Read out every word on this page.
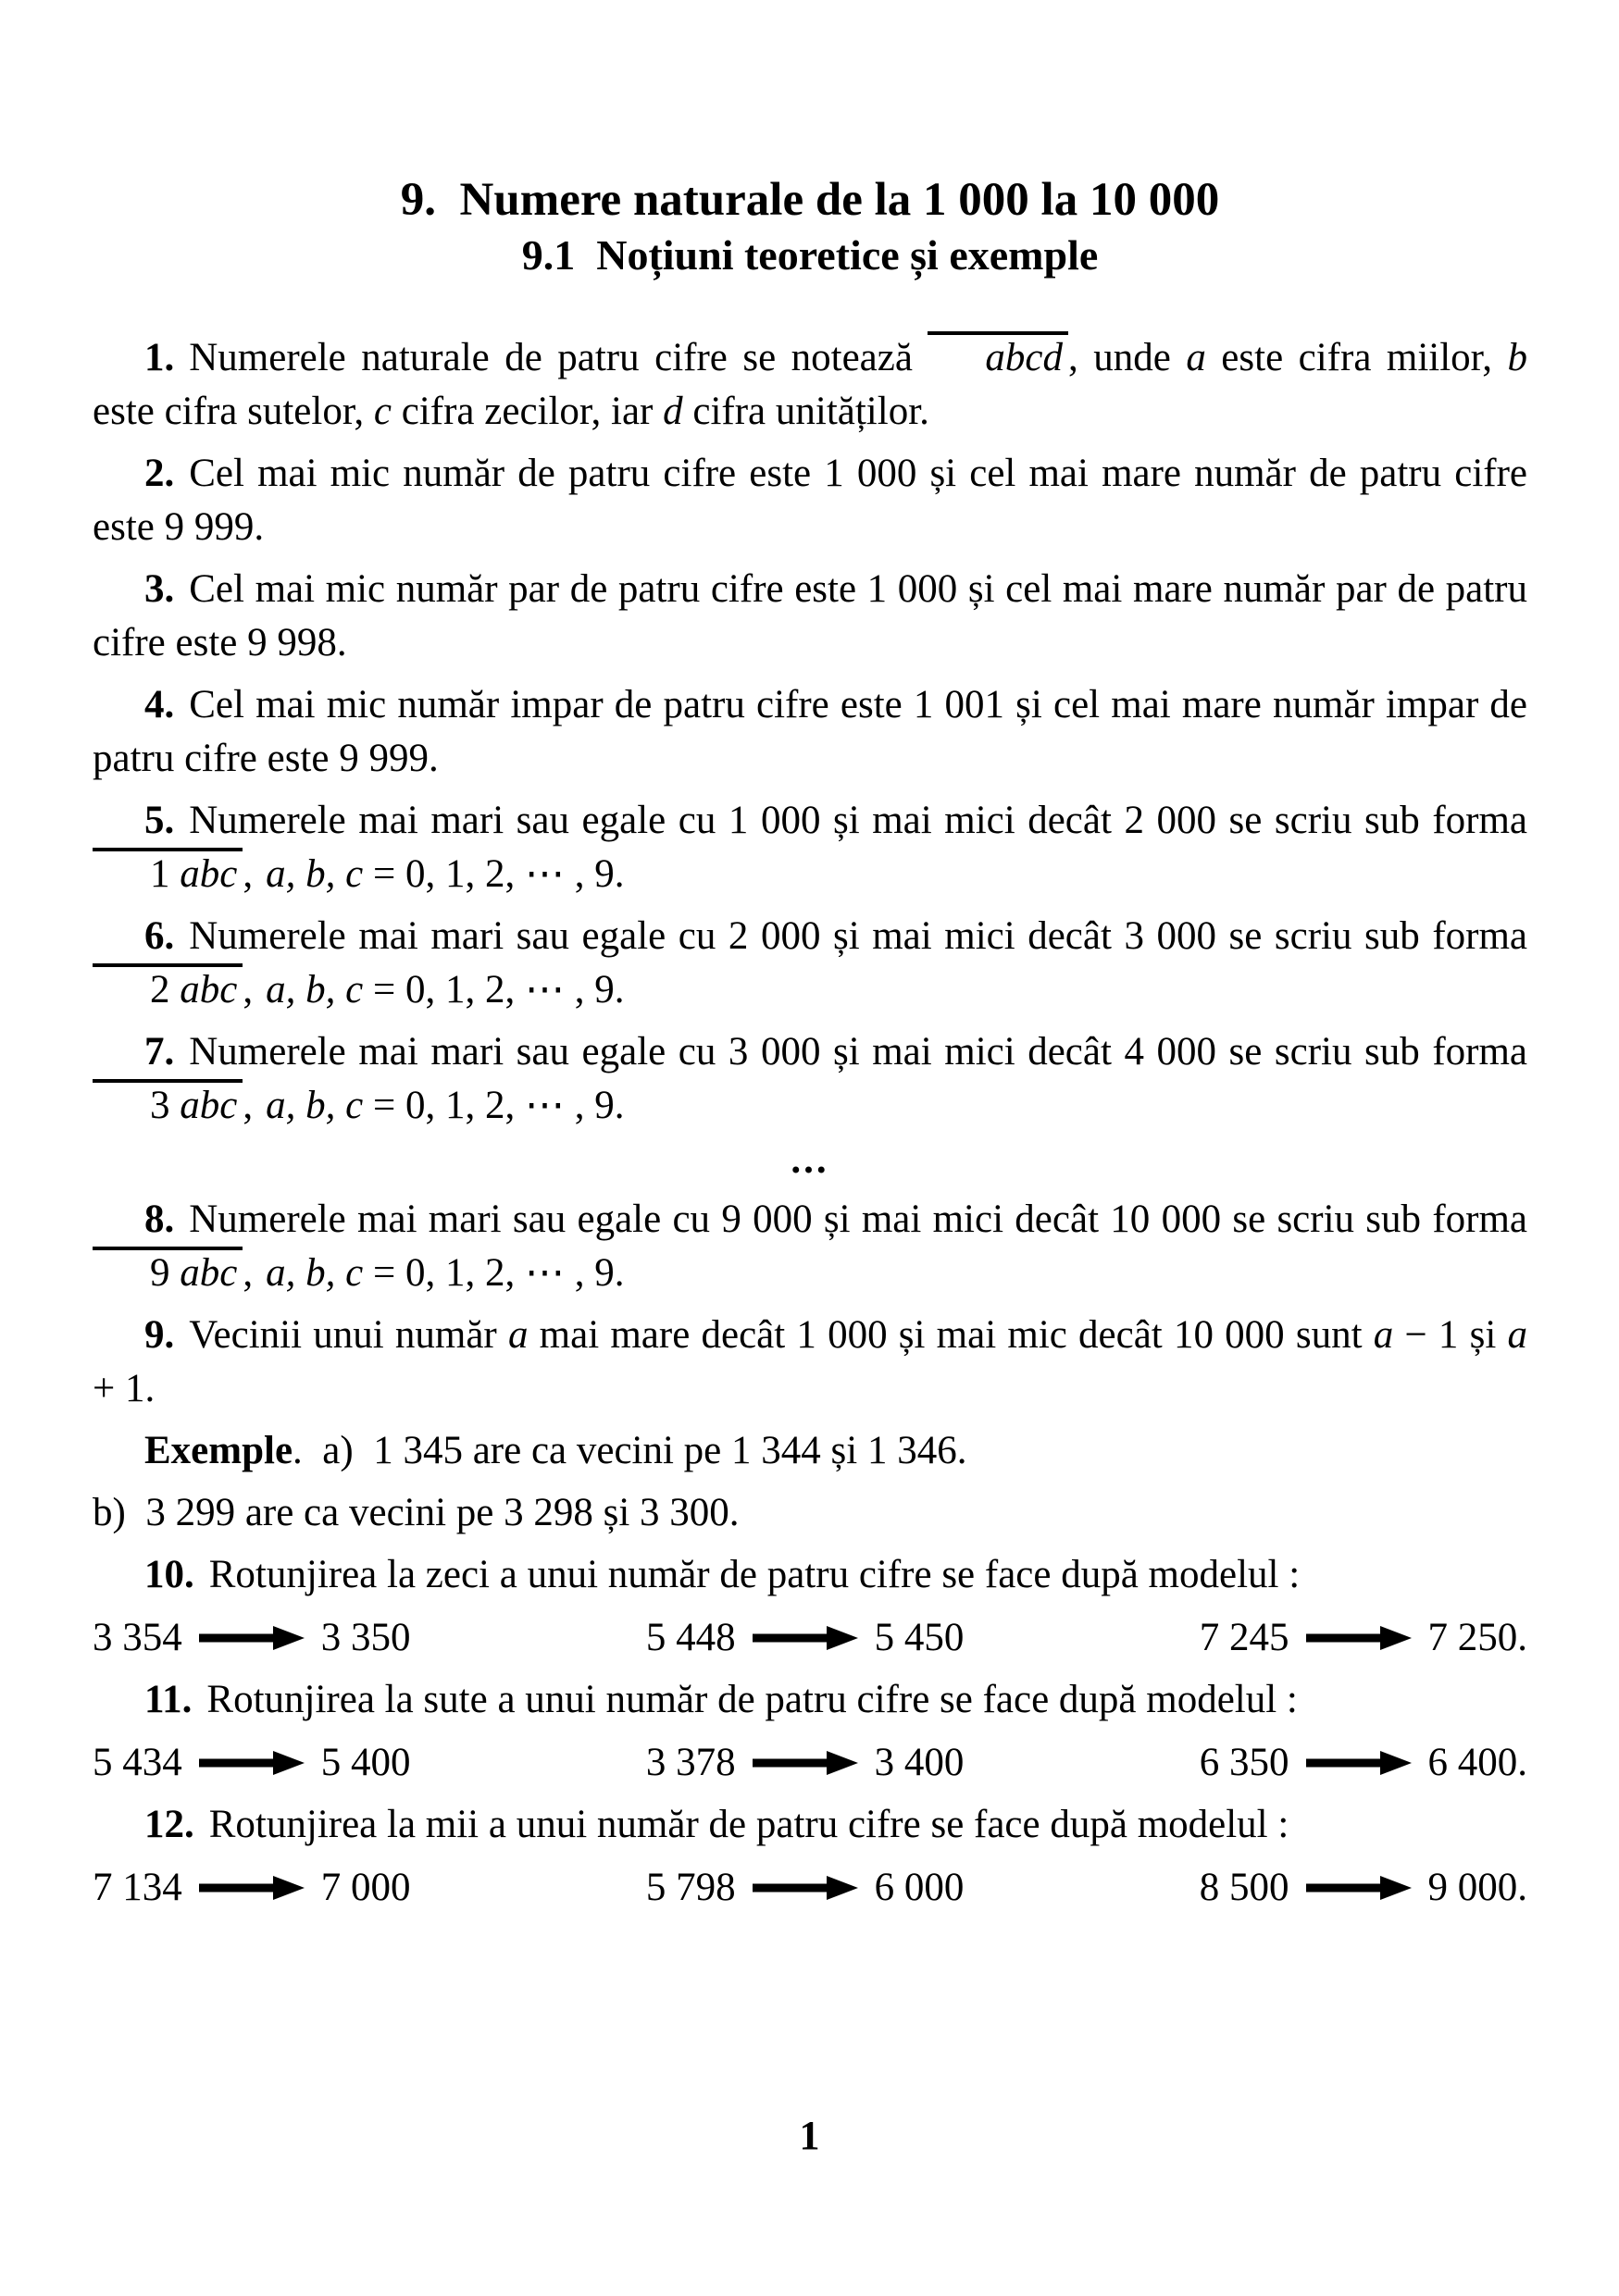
9.  Numere naturale de la 1 000 la 10 000
9.1  Noțiuni teoretice și exemple

1. Numerele naturale de patru cifre se notează abcd , unde a este cifra miilor, b este cifra sutelor, c cifra zecilor, iar d cifra unităților.

2. Cel mai mic număr de patru cifre este 1 000 și cel mai mare număr de patru cifre este 9 999.

3. Cel mai mic număr par de patru cifre este 1 000 și cel mai mare număr par de patru cifre este 9 998.

4. Cel mai mic număr impar de patru cifre este 1 001 și cel mai mare număr impar de patru cifre este 9 999.

5. Numerele mai mari sau egale cu 1 000 și mai mici decât 2 000 se scriu sub forma 1 abc , a, b, c = 0, 1, 2, ⋯ , 9.

6. Numerele mai mari sau egale cu 2 000 și mai mici decât 3 000 se scriu sub forma 2 abc , a, b, c = 0, 1, 2, ⋯ , 9.

7. Numerele mai mari sau egale cu 3 000 și mai mici decât 4 000 se scriu sub forma 3 abc , a, b, c = 0, 1, 2, ⋯ , 9.

...

8. Numerele mai mari sau egale cu 9 000 și mai mici decât 10 000 se scriu sub forma 9 abc , a, b, c = 0, 1, 2, ⋯ , 9.

9. Vecinii unui număr a mai mare decât 1 000 și mai mic decât 10 000 sunt a − 1 și a + 1.

Exemple.  a)  1 345 are ca vecini pe 1 344 și 1 346.

b)  3 299 are ca vecini pe 3 298 și 3 300.

10. Rotunjirea la zeci a unui număr de patru cifre se face după modelul :

3 354	3 350	5 448	5 450	7 245	7 250.

11. Rotunjirea la sute a unui număr de patru cifre se face după modelul :

5 434	5 400	3 378	3 400	6 350	6 400.

12. Rotunjirea la mii a unui număr de patru cifre se face după modelul :

7 134	7 000	5 798	6 000	8 500	9 000.
1
